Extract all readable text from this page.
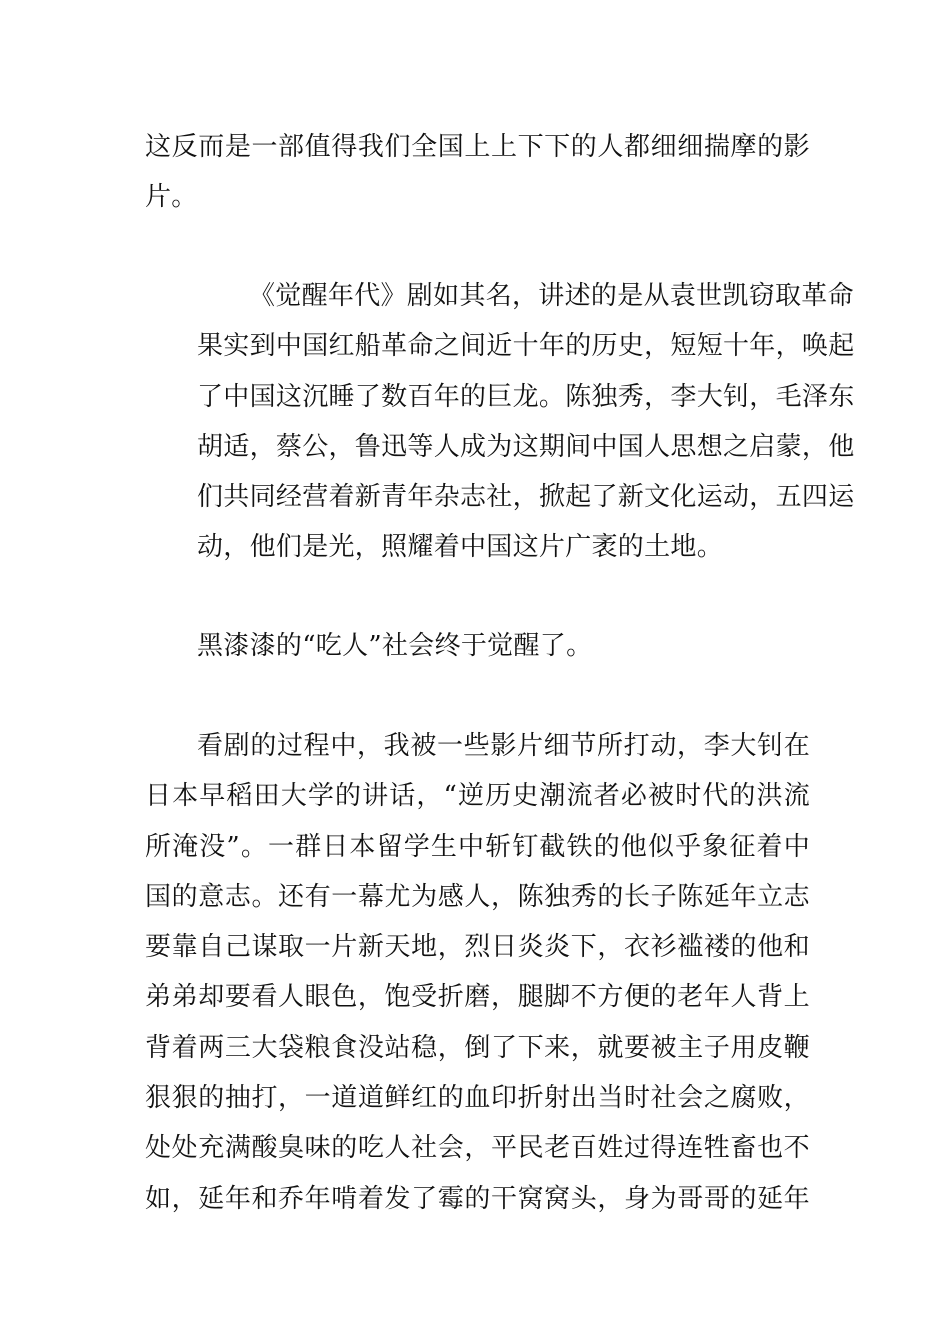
这反而是一部值得我们全国上上下下的人都细细揣摩的影
片。

《觉醒年代》剧如其名，讲述的是从袁世凯窃取革命
果实到中国红船革命之间近十年的历史，短短十年，唤起
了中国这沉睡了数百年的巨龙。陈独秀，李大钊，毛泽东
胡适，蔡公，鲁迅等人成为这期间中国人思想之启蒙，他
们共同经营着新青年杂志社，掀起了新文化运动，五四运
动，他们是光，照耀着中国这片广袤的土地。

黑漆漆的“吃人”社会终于觉醒了。

看剧的过程中，我被一些影片细节所打动，李大钊在
日本早稻田大学的讲话，“逆历史潮流者必被时代的洪流
所淹没”。一群日本留学生中斩钉截铁的他似乎象征着中
国的意志。还有一幕尤为感人，陈独秀的长子陈延年立志
要靠自己谋取一片新天地，烈日炎炎下，衣衫褴褛的他和
弟弟却要看人眼色，饱受折磨，腿脚不方便的老年人背上
背着两三大袋粮食没站稳，倒了下来，就要被主子用皮鞭
狠狠的抽打，一道道鲜红的血印折射出当时社会之腐败，
处处充满酸臭味的吃人社会，平民老百姓过得连牲畜也不
如，延年和乔年啃着发了霉的干窝窝头，身为哥哥的延年
